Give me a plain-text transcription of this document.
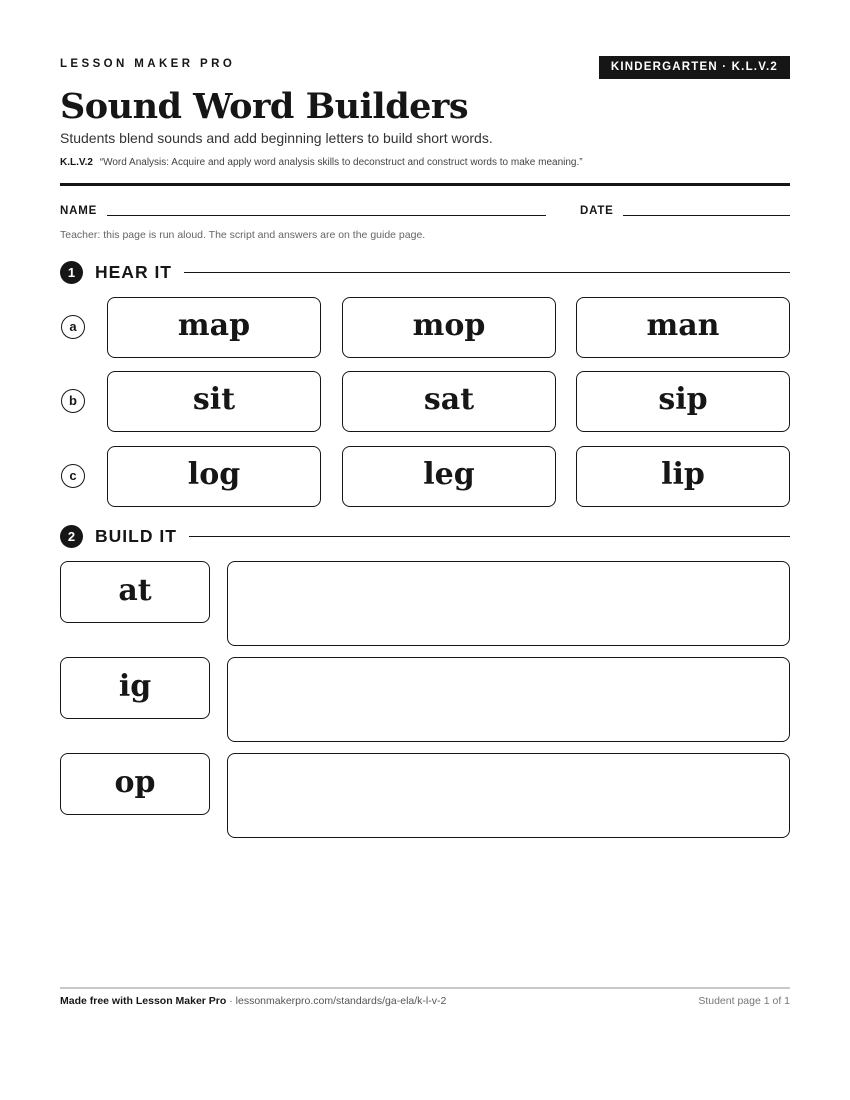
LESSON MAKER PRO	KINDERGARTEN · K.L.V.2
Sound Word Builders
Students blend sounds and add beginning letters to build short words.
K.L.V.2 “Word Analysis: Acquire and apply word analysis skills to deconstruct and construct words to make meaning.”
NAME	DATE
Teacher: this page is run aloud. The script and answers are on the guide page.
1	HEAR IT
a	map	mop	man
b	sit	sat	sip
c	log	leg	lip
2	BUILD IT
at
ig
op
Made free with Lesson Maker Pro · lessonmakerpro.com/standards/ga-ela/k-l-v-2	Student page 1 of 1
